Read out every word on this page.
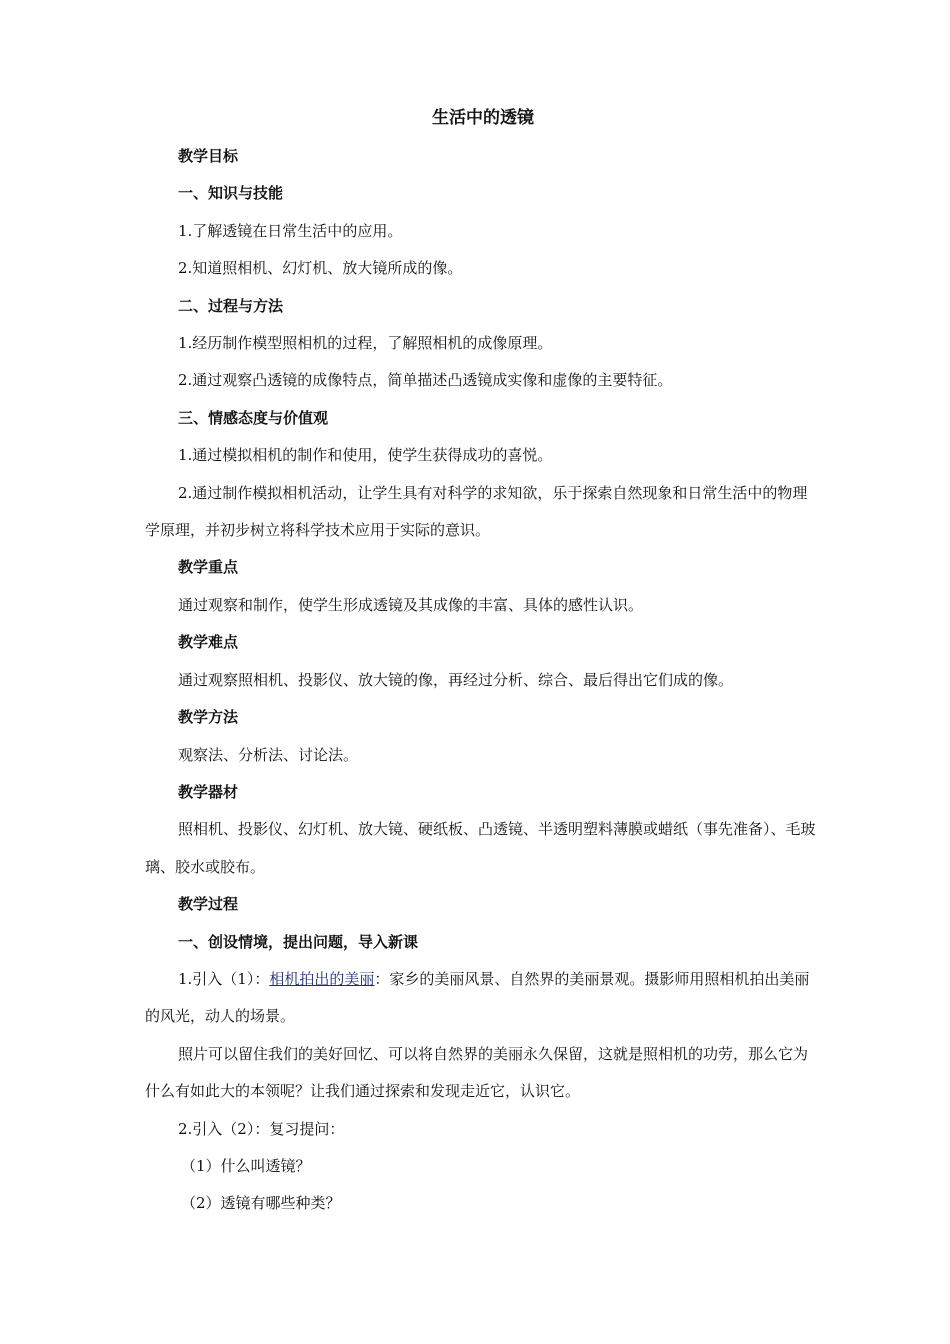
生活中的透镜

教学目标

一、知识与技能

1.了解透镜在日常生活中的应用。

2.知道照相机、幻灯机、放大镜所成的像。

二、过程与方法

1.经历制作模型照相机的过程，了解照相机的成像原理。

2.通过观察凸透镜的成像特点，简单描述凸透镜成实像和虚像的主要特征。

三、情感态度与价值观

1.通过模拟相机的制作和使用，使学生获得成功的喜悦。

2.通过制作模拟相机活动，让学生具有对科学的求知欲，乐于探索自然现象和日常生活中的物理学原理，并初步树立将科学技术应用于实际的意识。

教学重点

通过观察和制作，使学生形成透镜及其成像的丰富、具体的感性认识。

教学难点

通过观察照相机、投影仪、放大镜的像，再经过分析、综合、最后得出它们成的像。

教学方法

观察法、分析法、讨论法。

教学器材

照相机、投影仪、幻灯机、放大镜、硬纸板、凸透镜、半透明塑料薄膜或蜡纸（事先准备）、毛玻璃、胶水或胶布。

教学过程

一、创设情境，提出问题，导入新课

1.引入（1）：相机拍出的美丽：家乡的美丽风景、自然界的美丽景观。摄影师用照相机拍出美丽的风光，动人的场景。

照片可以留住我们的美好回忆、可以将自然界的美丽永久保留，这就是照相机的功劳，那么它为什么有如此大的本领呢？让我们通过探索和发现走近它，认识它。

2.引入（2）：复习提问：

（1）什么叫透镜？

（2）透镜有哪些种类？
